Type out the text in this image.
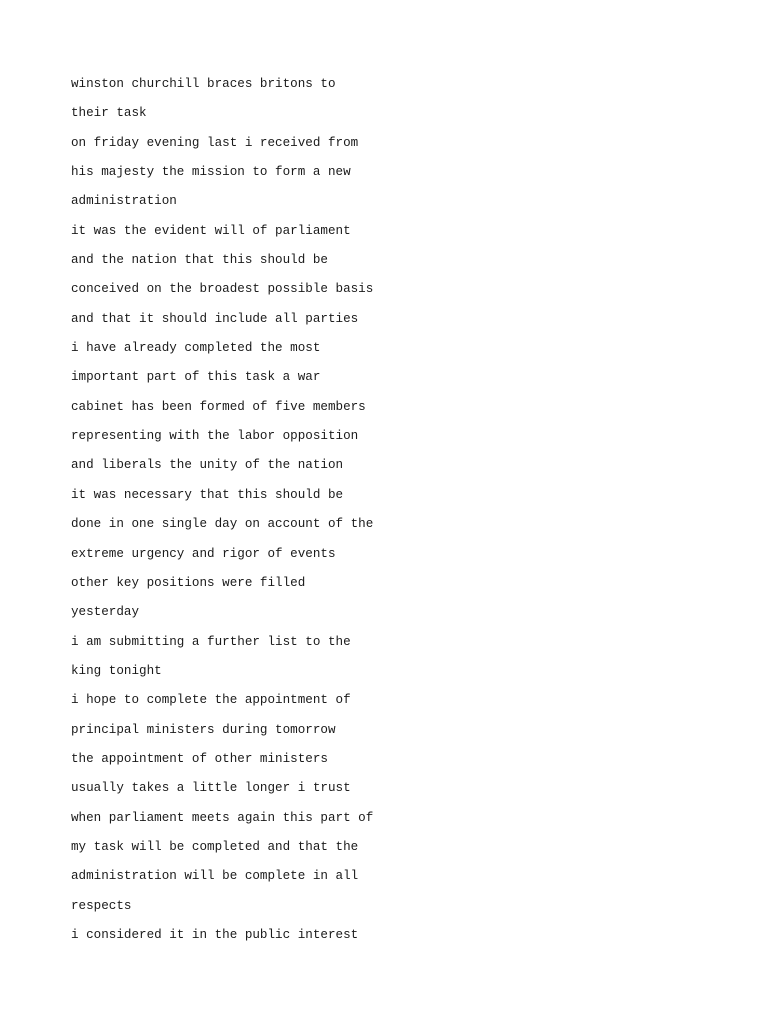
winston churchill braces britons to
their task
on friday evening last i received from
his majesty the mission to form a new
administration
it was the evident will of parliament
and the nation that this should be
conceived on the broadest possible basis
and that it should include all parties
i have already completed the most
important part of this task a war
cabinet has been formed of five members
representing with the labor opposition
and liberals the unity of the nation
it was necessary that this should be
done in one single day on account of the
extreme urgency and rigor of events
other key positions were filled
yesterday
i am submitting a further list to the
king tonight
i hope to complete the appointment of
principal ministers during tomorrow
the appointment of other ministers
usually takes a little longer i trust
when parliament meets again this part of
my task will be completed and that the
administration will be complete in all
respects
i considered it in the public interest
